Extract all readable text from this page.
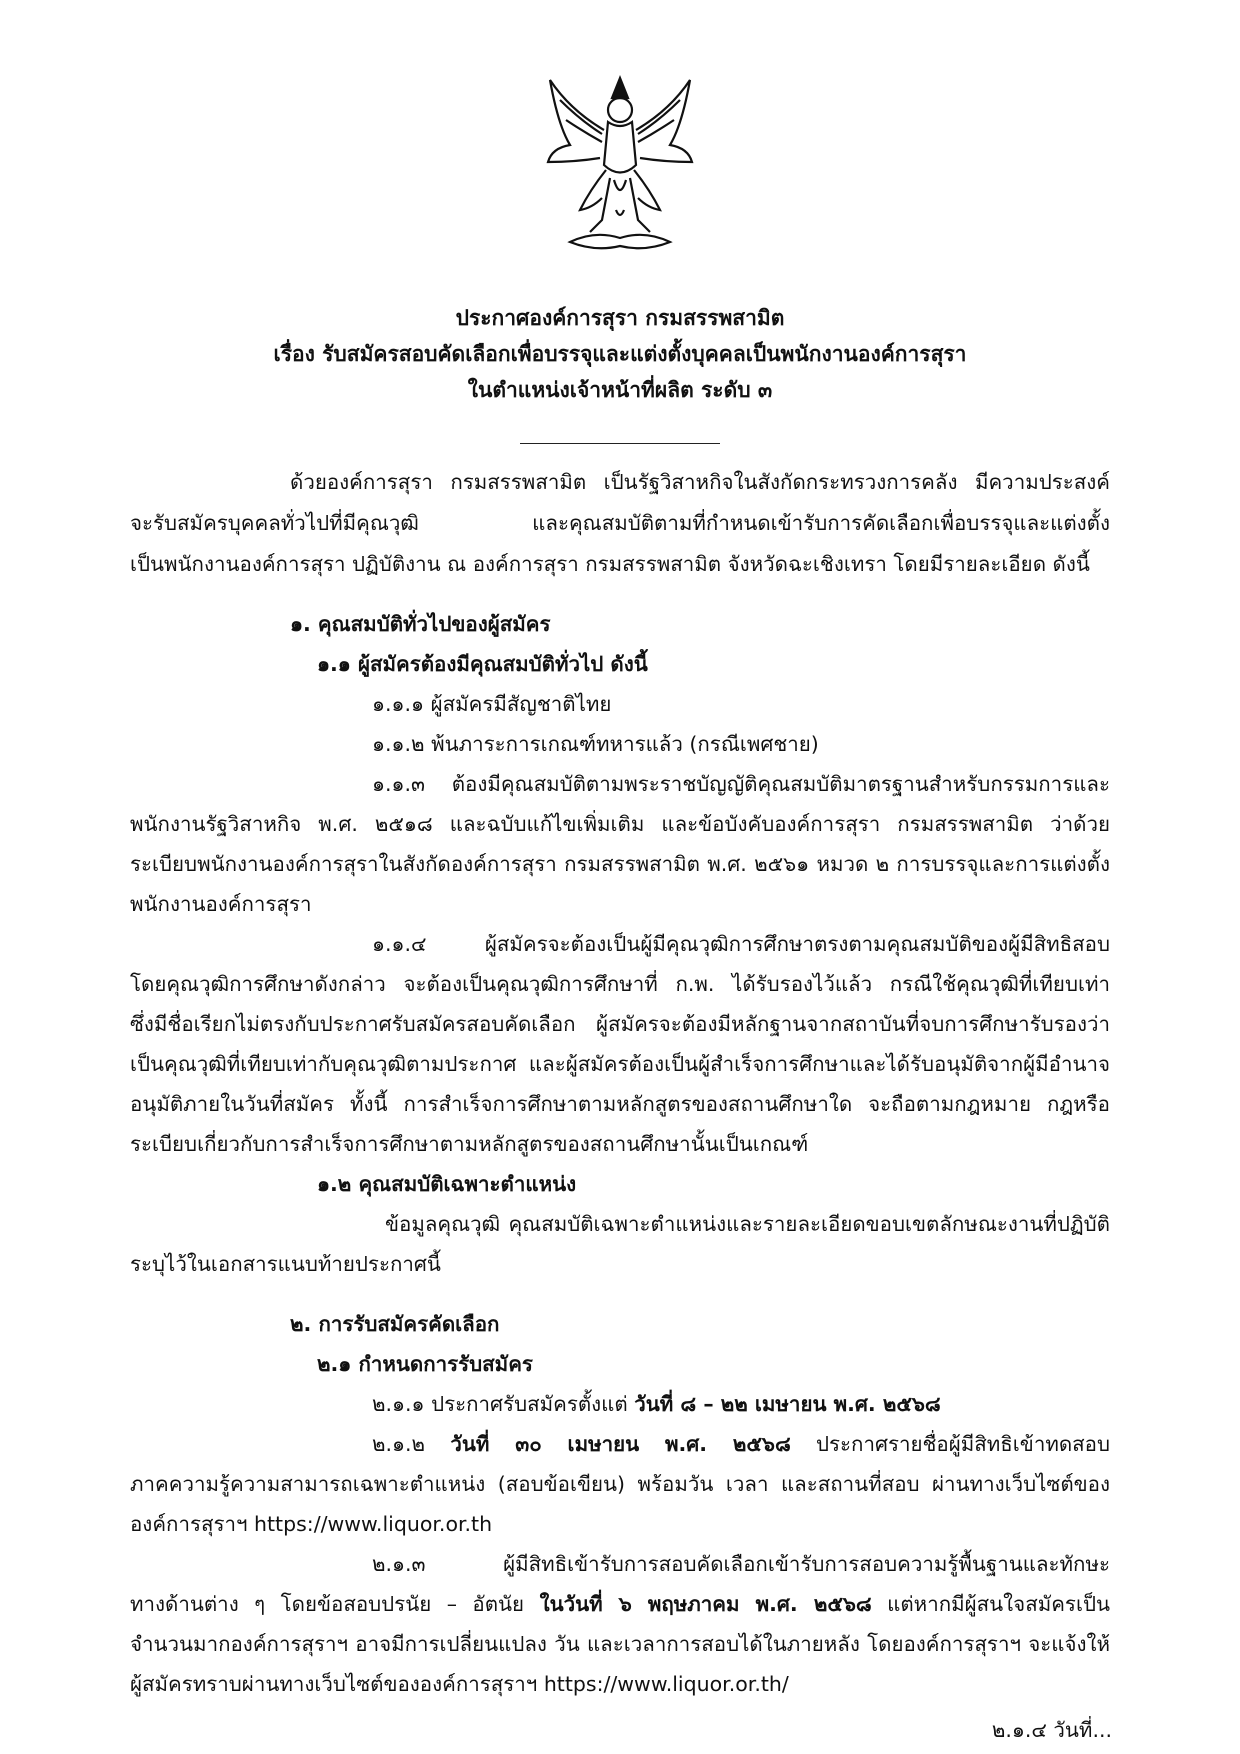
ประกาศองค์การสุรา กรมสรรพสามิต
เรื่อง รับสมัครสอบคัดเลือกเพื่อบรรจุและแต่งตั้งบุคคลเป็นพนักงานองค์การสุรา
ในตำแหน่งเจ้าหน้าที่ผลิต ระดับ ๓
ด้วยองค์การสุรา กรมสรรพสามิต เป็นรัฐวิสาหกิจในสังกัดกระทรวงการคลัง มีความประสงค์
จะรับสมัครบุคคลทั่วไปที่มีคุณวุฒิ และคุณสมบัติตามที่กำหนดเข้ารับการคัดเลือกเพื่อบรรจุและแต่งตั้ง
เป็นพนักงานองค์การสุรา ปฏิบัติงาน ณ องค์การสุรา กรมสรรพสามิต จังหวัดฉะเชิงเทรา โดยมีรายละเอียด ดังนี้
๑. คุณสมบัติทั่วไปของผู้สมัคร
๑.๑ ผู้สมัครต้องมีคุณสมบัติทั่วไป ดังนี้
๑.๑.๑ ผู้สมัครมีสัญชาติไทย
๑.๑.๒ พ้นภาระการเกณฑ์ทหารแล้ว (กรณีเพศชาย)
๑.๑.๓ ต้องมีคุณสมบัติตามพระราชบัญญัติคุณสมบัติมาตรฐานสำหรับกรรมการและ
พนักงานรัฐวิสาหกิจ พ.ศ. ๒๕๑๘ และฉบับแก้ไขเพิ่มเติม และข้อบังคับองค์การสุรา กรมสรรพสามิต ว่าด้วย
ระเบียบพนักงานองค์การสุราในสังกัดองค์การสุรา กรมสรรพสามิต พ.ศ. ๒๕๖๑ หมวด ๒ การบรรจุและการแต่งตั้ง
พนักงานองค์การสุรา
๑.๑.๔ ผู้สมัครจะต้องเป็นผู้มีคุณวุฒิการศึกษาตรงตามคุณสมบัติของผู้มีสิทธิสอบ
โดยคุณวุฒิการศึกษาดังกล่าว จะต้องเป็นคุณวุฒิการศึกษาที่ ก.พ. ได้รับรองไว้แล้ว กรณีใช้คุณวุฒิที่เทียบเท่า
ซึ่งมีชื่อเรียกไม่ตรงกับประกาศรับสมัครสอบคัดเลือก ผู้สมัครจะต้องมีหลักฐานจากสถาบันที่จบการศึกษารับรองว่า
เป็นคุณวุฒิที่เทียบเท่ากับคุณวุฒิตามประกาศ และผู้สมัครต้องเป็นผู้สำเร็จการศึกษาและได้รับอนุมัติจากผู้มีอำนาจ
อนุมัติภายในวันที่สมัคร ทั้งนี้ การสำเร็จการศึกษาตามหลักสูตรของสถานศึกษาใด จะถือตามกฎหมาย กฎหรือ
ระเบียบเกี่ยวกับการสำเร็จการศึกษาตามหลักสูตรของสถานศึกษานั้นเป็นเกณฑ์
๑.๒ คุณสมบัติเฉพาะตำแหน่ง
ข้อมูลคุณวุฒิ คุณสมบัติเฉพาะตำแหน่งและรายละเอียดขอบเขตลักษณะงานที่ปฏิบัติ
ระบุไว้ในเอกสารแนบท้ายประกาศนี้
๒. การรับสมัครคัดเลือก
๒.๑ กำหนดการรับสมัคร
๒.๑.๑ ประกาศรับสมัครตั้งแต่ วันที่ ๘ – ๒๒ เมษายน พ.ศ. ๒๕๖๘
๒.๑.๒ วันที่ ๓๐ เมษายน พ.ศ. ๒๕๖๘ ประกาศรายชื่อผู้มีสิทธิเข้าทดสอบ
ภาคความรู้ความสามารถเฉพาะตำแหน่ง (สอบข้อเขียน) พร้อมวัน เวลา และสถานที่สอบ ผ่านทางเว็บไซต์ของ
องค์การสุราฯ https://www.liquor.or.th
๒.๑.๓ ผู้มีสิทธิเข้ารับการสอบคัดเลือกเข้ารับการสอบความรู้พื้นฐานและทักษะ
ทางด้านต่าง ๆ โดยข้อสอบปรนัย – อัตนัย ในวันที่ ๖ พฤษภาคม พ.ศ. ๒๕๖๘ แต่หากมีผู้สนใจสมัครเป็น
จำนวนมากองค์การสุราฯ อาจมีการเปลี่ยนแปลง วัน และเวลาการสอบได้ในภายหลัง โดยองค์การสุราฯ จะแจ้งให้
ผู้สมัครทราบผ่านทางเว็บไซต์ขององค์การสุราฯ https://www.liquor.or.th/
๒.๑.๔ วันที่...
